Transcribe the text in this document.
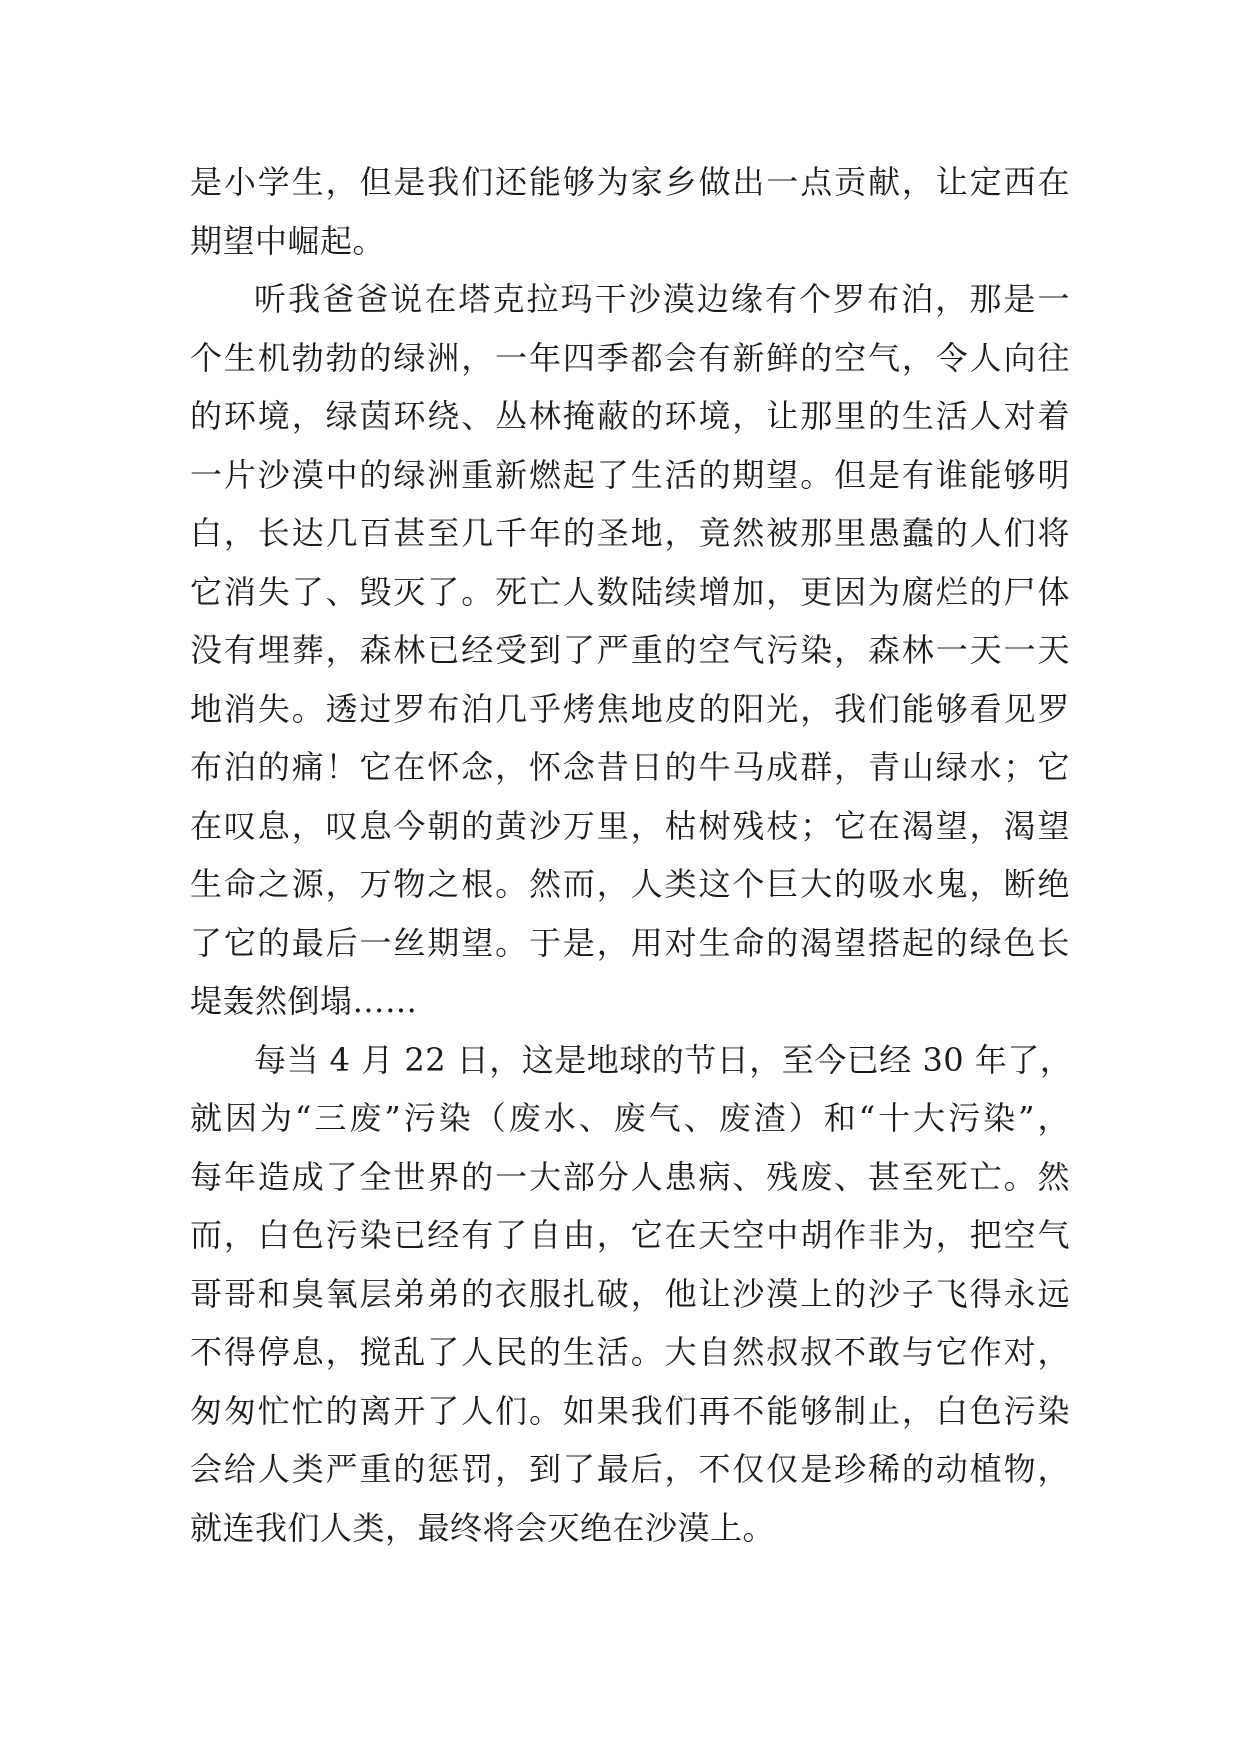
是小学生，但是我们还能够为家乡做出一点贡献，让定西在
期望中崛起。
听我爸爸说在塔克拉玛干沙漠边缘有个罗布泊，那是一
个生机勃勃的绿洲，一年四季都会有新鲜的空气，令人向往
的环境，绿茵环绕、丛林掩蔽的环境，让那里的生活人对着
一片沙漠中的绿洲重新燃起了生活的期望。但是有谁能够明
白，长达几百甚至几千年的圣地，竟然被那里愚蠢的人们将
它消失了、毁灭了。死亡人数陆续增加，更因为腐烂的尸体
没有埋葬，森林已经受到了严重的空气污染，森林一天一天
地消失。透过罗布泊几乎烤焦地皮的阳光，我们能够看见罗
布泊的痛！它在怀念，怀念昔日的牛马成群，青山绿水；它
在叹息，叹息今朝的黄沙万里，枯树残枝；它在渴望，渴望
生命之源，万物之根。然而，人类这个巨大的吸水鬼，断绝
了它的最后一丝期望。于是，用对生命的渴望搭起的绿色长
堤轰然倒塌……
每当 4 月 22 日，这是地球的节日，至今已经 30 年了，
就因为“三废”污染（废水、废气、废渣）和“十大污染”，
每年造成了全世界的一大部分人患病、残废、甚至死亡。然
而，白色污染已经有了自由，它在天空中胡作非为，把空气
哥哥和臭氧层弟弟的衣服扎破，他让沙漠上的沙子飞得永远
不得停息，搅乱了人民的生活。大自然叔叔不敢与它作对，
匆匆忙忙的离开了人们。如果我们再不能够制止，白色污染
会给人类严重的惩罚，到了最后，不仅仅是珍稀的动植物，
就连我们人类，最终将会灭绝在沙漠上。
